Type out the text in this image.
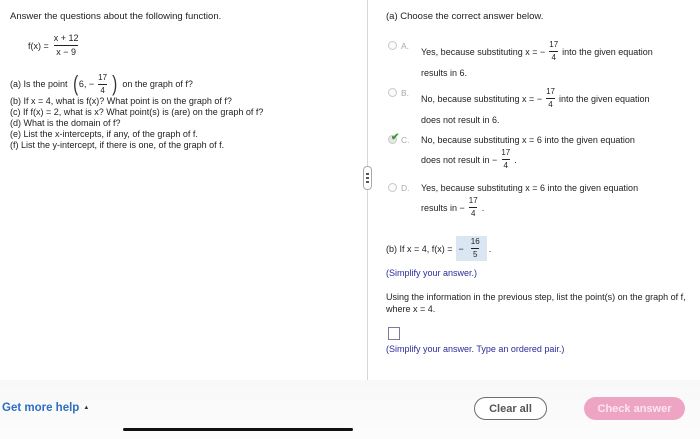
Answer the questions about the following function.
$f(x) = \frac{x + 12}{x - 9}$
(a) Is the point ( 6, − $\frac{17}{4}$ ) on the graph of f?
(b) If x = 4, what is f(x)? What point is on the graph of f?
(c) If f(x) = 2, what is x? What point(s) is (are) on the graph of f?
(d) What is the domain of f?
(e) List the x-intercepts, if any, of the graph of f.
(f) List the y-intercept, if there is one, of the graph of f.
(a) Choose the correct answer below.
A.
Yes, because substituting x = − $\frac{17}{4}$ into the given equation
results in 6.
B.
No, because substituting x = − $\frac{17}{4}$ into the given equation
does not result in 6.
✔ C. No, because substituting x = 6 into the given equation
does not result in − $\frac{17}{4}$ .
D. Yes, because substituting x = 6 into the given equation
results in − $\frac{17}{4}$ .
(b) If x = 4, f(x) = − $\frac{16}{5}$ .
(Simplify your answer.)
Using the information in the previous step, list the point(s) on the graph of f, where x = 4.
(Simplify your answer. Type an ordered pair.)
Get more help ▲	Clear all	Check answer
